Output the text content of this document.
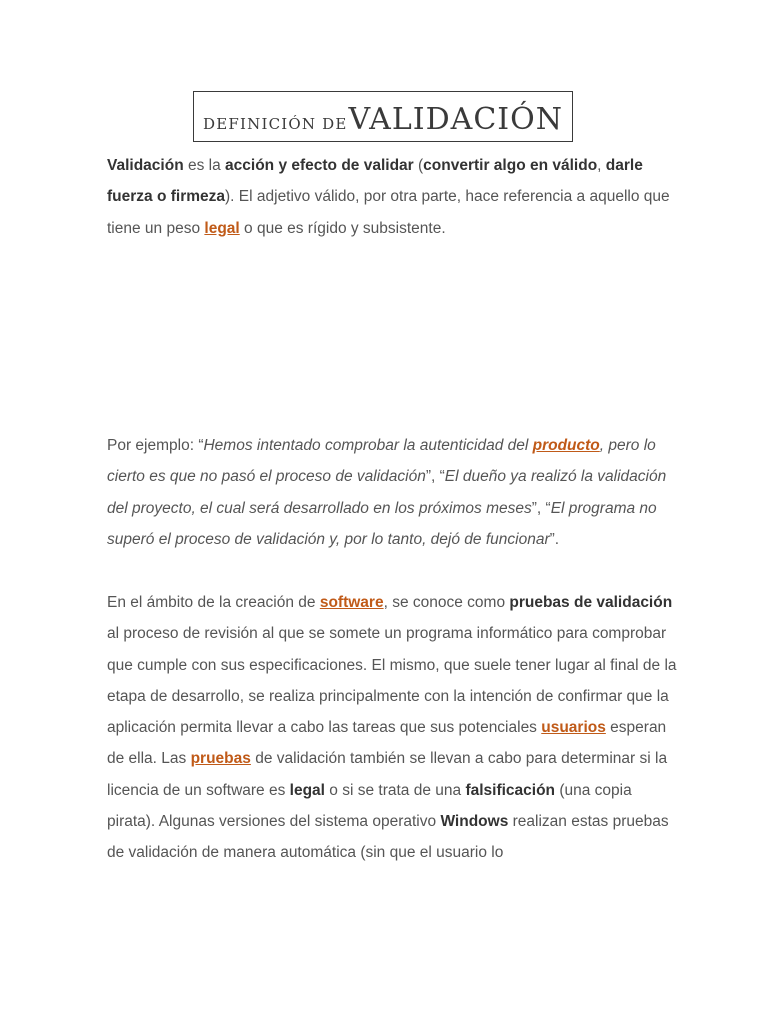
DEFINICIÓN DE VALIDACIÓN

Validación es la acción y efecto de validar (convertir algo en válido, darle fuerza o firmeza). El adjetivo válido, por otra parte, hace referencia a aquello que tiene un peso legal o que es rígido y subsistente.

Por ejemplo: “Hemos intentado comprobar la autenticidad del producto, pero lo cierto es que no pasó el proceso de validación”, “El dueño ya realizó la validación del proyecto, el cual será desarrollado en los próximos meses”, “El programa no superó el proceso de validación y, por lo tanto, dejó de funcionar”.

En el ámbito de la creación de software, se conoce como pruebas de validación al proceso de revisión al que se somete un programa informático para comprobar que cumple con sus especificaciones. El mismo, que suele tener lugar al final de la etapa de desarrollo, se realiza principalmente con la intención de confirmar que la aplicación permita llevar a cabo las tareas que sus potenciales usuarios esperan de ella. Las pruebas de validación también se llevan a cabo para determinar si la licencia de un software es legal o si se trata de una falsificación (una copia pirata). Algunas versiones del sistema operativo Windows realizan estas pruebas de validación de manera automática (sin que el usuario lo
